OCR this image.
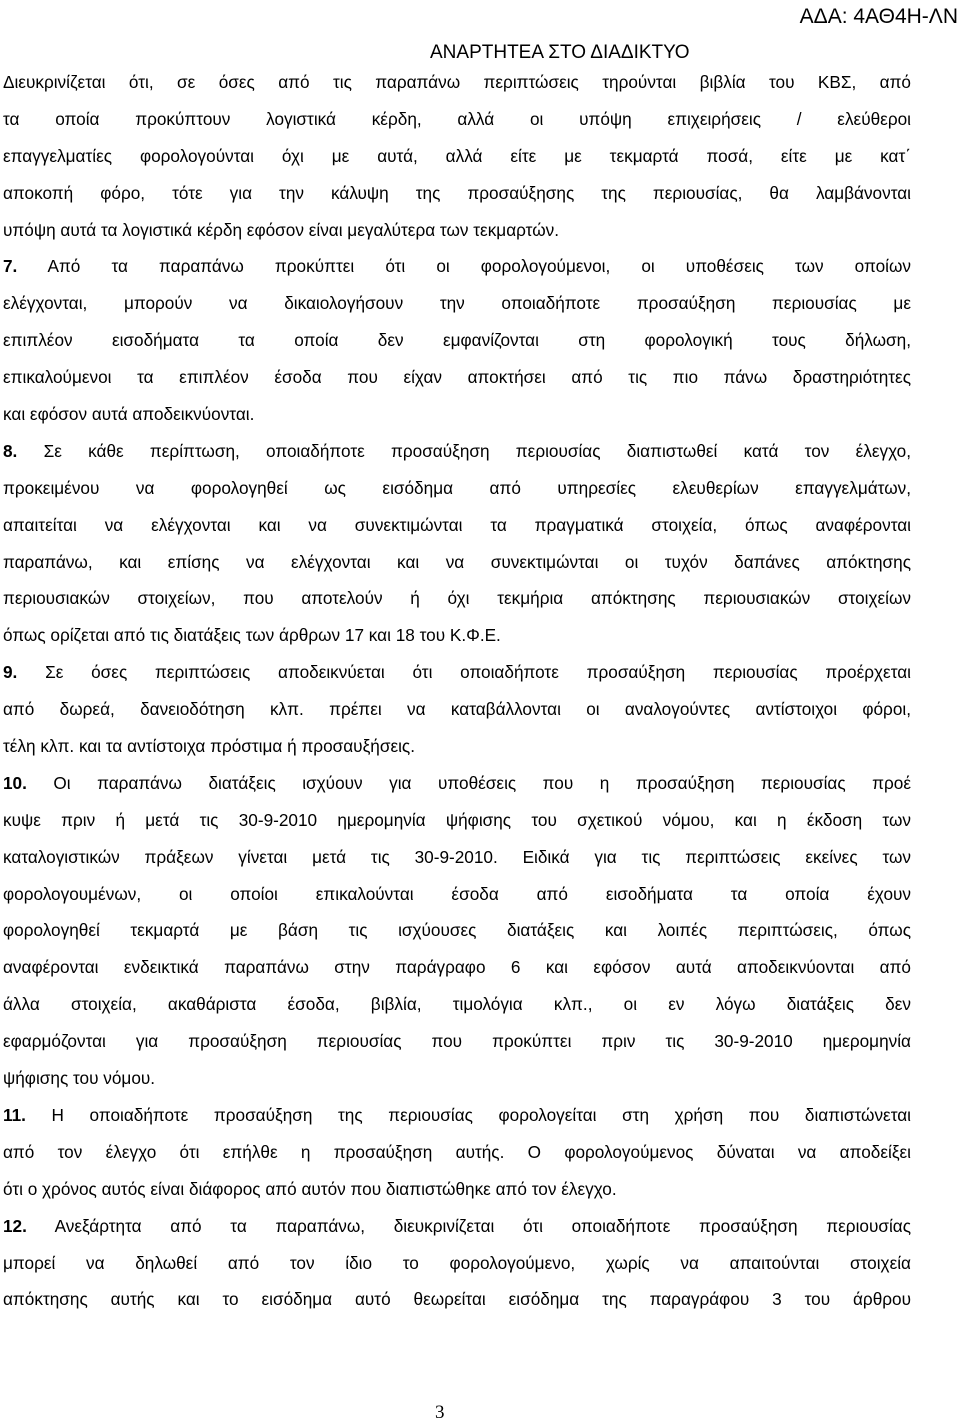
ΑΔΑ: 4ΑΘ4Η-ΛΝ
ΑΝΑΡΤΗΤΕΑ ΣΤΟ ΔΙΑΔΙΚΤΥΟ
Διευκρινίζεται ότι, σε όσες από τις παραπάνω περιπτώσεις τηρούνται βιβλία του ΚΒΣ, από
τα οποία προκύπτουν λογιστικά κέρδη, αλλά οι υπόψη επιχειρήσεις / ελεύθεροι
επαγγελματίες φορολογούνται όχι με αυτά, αλλά είτε με τεκμαρτά ποσά, είτε με κατ΄
αποκοπή φόρο, τότε για την κάλυψη της προσαύξησης της περιουσίας, θα λαμβάνονται
υπόψη αυτά τα λογιστικά κέρδη εφόσον είναι μεγαλύτερα των τεκμαρτών.
7. Από τα παραπάνω προκύπτει ότι οι φορολογούμενοι, οι υποθέσεις των οποίων
ελέγχονται, μπορούν να δικαιολογήσουν την οποιαδήποτε προσαύξηση περιουσίας με
επιπλέον εισοδήματα τα οποία δεν εμφανίζονται στη φορολογική τους δήλωση,
επικαλούμενοι τα επιπλέον έσοδα που είχαν αποκτήσει από τις πιο πάνω δραστηριότητες
και εφόσον αυτά αποδεικνύονται.
8. Σε κάθε περίπτωση, οποιαδήποτε προσαύξηση περιουσίας διαπιστωθεί κατά τον έλεγχο,
προκειμένου να φορολογηθεί ως εισόδημα από υπηρεσίες ελευθερίων επαγγελμάτων,
απαιτείται να ελέγχονται και να συνεκτιμώνται τα πραγματικά στοιχεία, όπως αναφέρονται
παραπάνω, και επίσης να ελέγχονται και να συνεκτιμώνται οι τυχόν δαπάνες απόκτησης
περιουσιακών στοιχείων, που αποτελούν ή όχι τεκμήρια απόκτησης περιουσιακών στοιχείων
όπως ορίζεται από τις διατάξεις των άρθρων 17 και 18 του Κ.Φ.Ε.
9. Σε όσες περιπτώσεις αποδεικνύεται ότι οποιαδήποτε προσαύξηση περιουσίας προέρχεται
από δωρεά, δανειοδότηση κλπ. πρέπει να καταβάλλονται οι αναλογούντες αντίστοιχοι φόροι,
τέλη κλπ. και τα αντίστοιχα πρόστιμα ή προσαυξήσεις.
10. Οι παραπάνω διατάξεις ισχύουν για υποθέσεις που η προσαύξηση περιουσίας προέ
κυψε πριν ή μετά τις 30-9-2010 ημερομηνία ψήφισης του σχετικού νόμου, και η έκδοση των
καταλογιστικών πράξεων γίνεται μετά τις 30-9-2010. Ειδικά για τις περιπτώσεις εκείνες των
φορολογουμένων, οι οποίοι επικαλούνται έσοδα από εισοδήματα τα οποία έχουν
φορολογηθεί τεκμαρτά με βάση τις ισχύουσες διατάξεις και λοιπές περιπτώσεις, όπως
αναφέρονται ενδεικτικά παραπάνω στην παράγραφο 6 και εφόσον αυτά αποδεικνύονται από
άλλα στοιχεία, ακαθάριστα έσοδα, βιβλία, τιμολόγια κλπ., οι εν λόγω διατάξεις δεν
εφαρμόζονται για προσαύξηση περιουσίας που προκύπτει πριν τις 30-9-2010 ημερομηνία
ψήφισης του νόμου.
11. Η οποιαδήποτε προσαύξηση της περιουσίας φορολογείται στη χρήση που διαπιστώνεται
από τον έλεγχο ότι επήλθε η προσαύξηση αυτής. Ο φορολογούμενος δύναται να αποδείξει
ότι ο χρόνος αυτός είναι διάφορος από αυτόν που διαπιστώθηκε από τον έλεγχο.
12. Ανεξάρτητα από τα παραπάνω, διευκρινίζεται ότι οποιαδήποτε προσαύξηση περιουσίας
μπορεί να δηλωθεί από τον ίδιο το φορολογούμενο, χωρίς να απαιτούνται στοιχεία
απόκτησης αυτής και το εισόδημα αυτό θεωρείται εισόδημα της παραγράφου 3 του άρθρου
3
